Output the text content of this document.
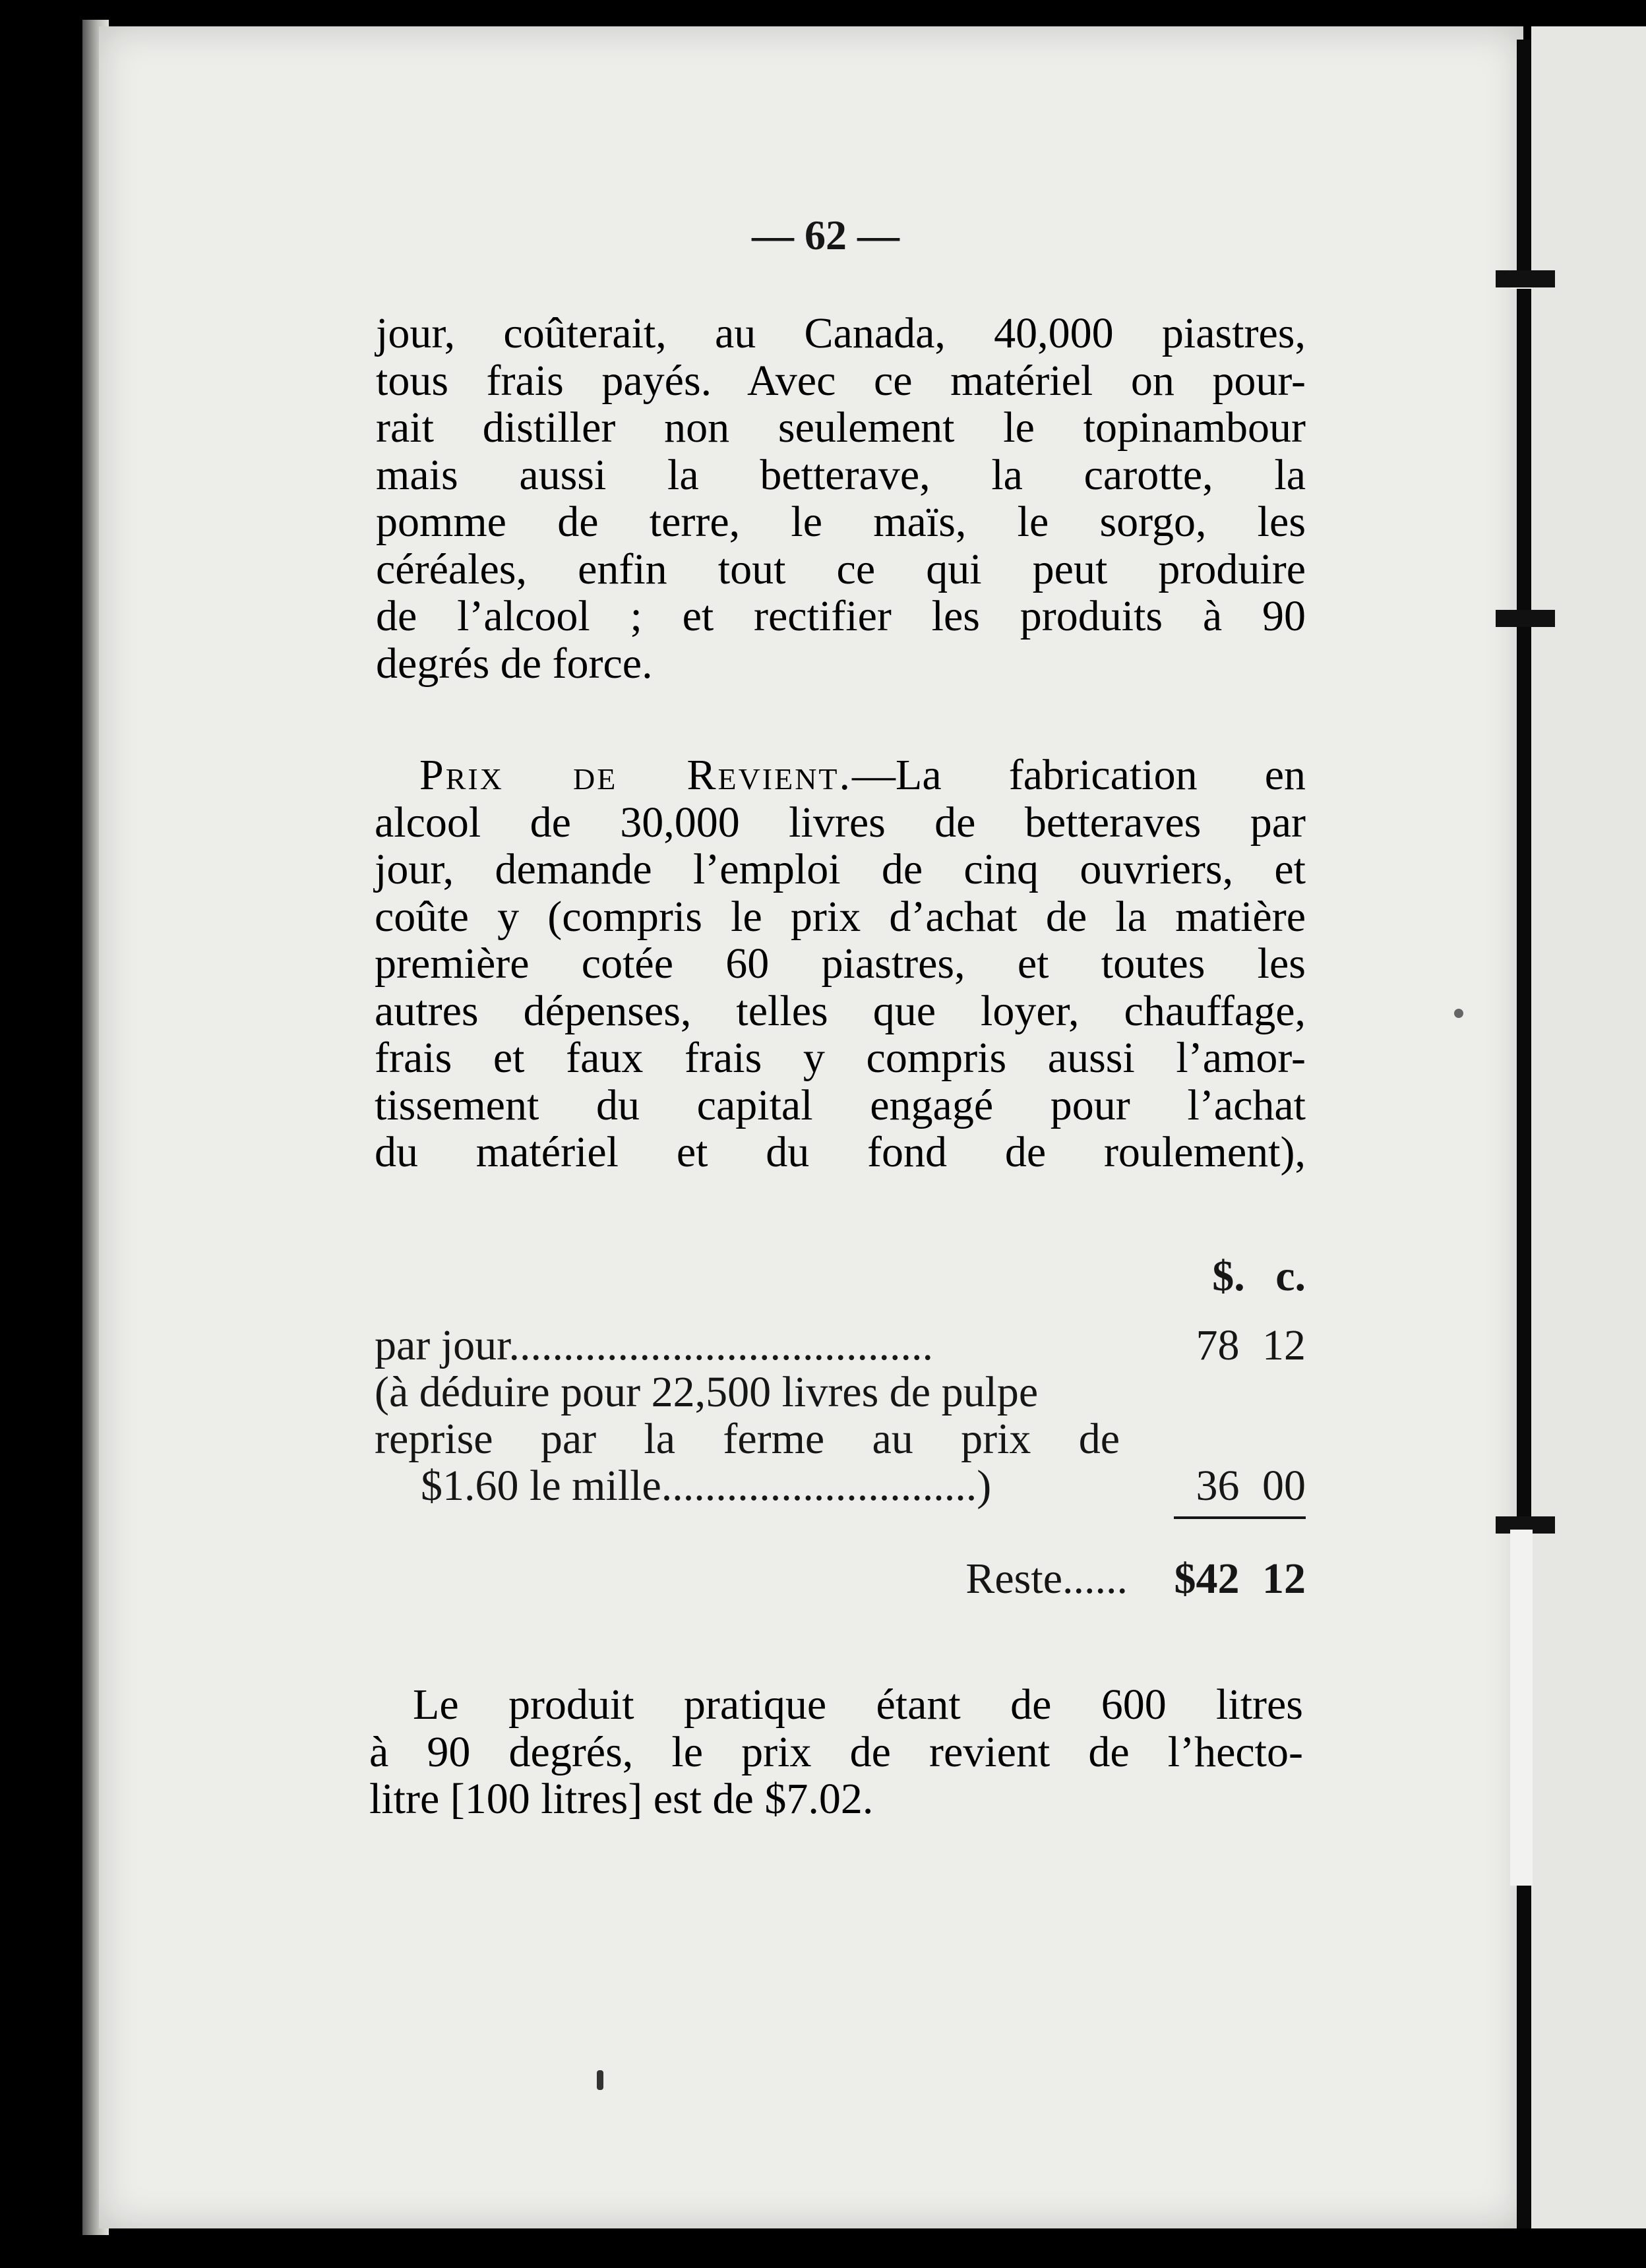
— 62 —
jour, coûterait, au Canada, 40,000 piastres,
tous frais payés. Avec ce matériel on pour-
rait distiller non seulement le topinambour
mais aussi la betterave, la carotte, la
pomme de terre, le maïs, le sorgo, les
céréales, enfin tout ce qui peut produire
de l’alcool ; et rectifier les produits à 90
degrés de force.
Prix de Revient.—La fabrication en
alcool de 30,000 livres de betteraves par
jour, demande l’emploi de cinq ouvriers, et
coûte y (compris le prix d’achat de la matière
première cotée 60 piastres, et toutes les
autres dépenses, telles que loyer, chauffage,
frais et faux frais y compris aussi l’amor-
tissement du capital engagé pour l’achat
du matériel et du fond de roulement),
$. c.
par jour.......................................	78 12
(à déduire pour 22,500 livres de pulpe
reprise par la ferme au prix de
$1.60 le mille.............................)	36 00
Reste......	$42 12
Le produit pratique étant de 600 litres
à 90 degrés, le prix de revient de l’hecto-
litre [100 litres] est de $7.02.
